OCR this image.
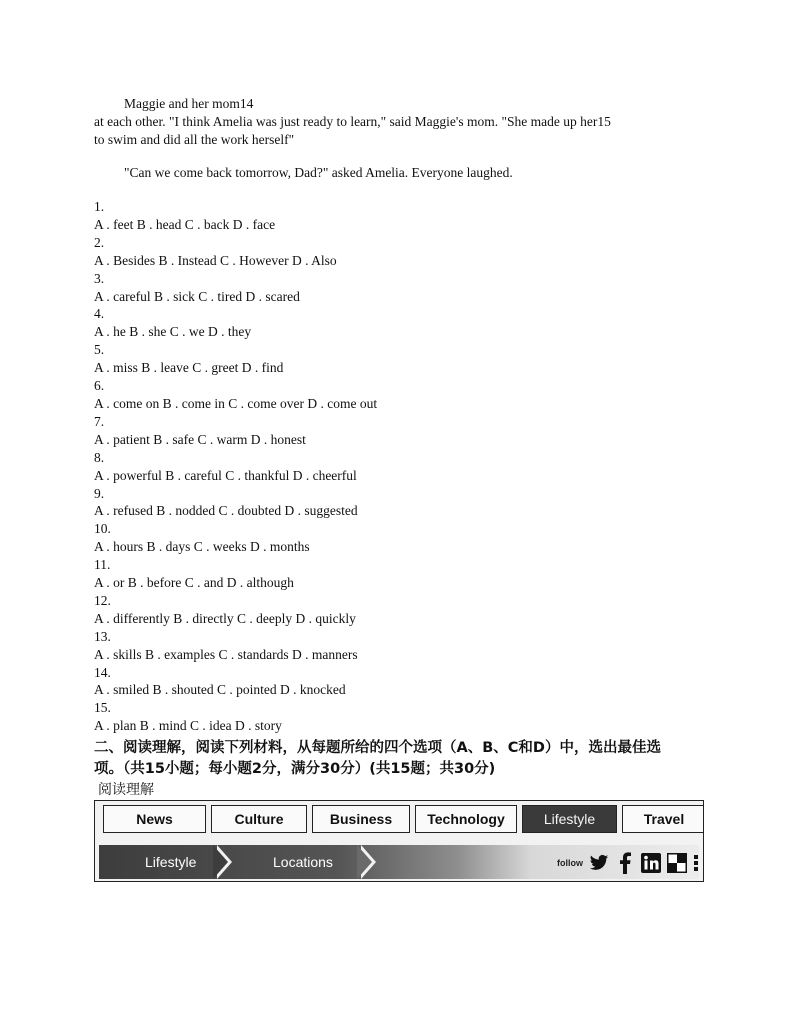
Maggie and her mom14
at each other. "I think Amelia was just ready to learn," said Maggie's mom. "She made up her15
to swim and did all the work herself"
"Can we come back tomorrow, Dad?" asked Amelia. Everyone laughed.
1.
A . feet B . head C . back D . face
2.
A . Besides B . Instead C . However D . Also
3.
A . careful B . sick C . tired D . scared
4.
A . he B . she C . we D . they
5.
A . miss B . leave C . greet D . find
6.
A . come on B . come in C . come over D . come out
7.
A . patient B . safe C . warm D . honest
8.
A . powerful B . careful C . thankful D . cheerful
9.
A . refused B . nodded C . doubted D . suggested
10.
A . hours B . days C . weeks D . months
11.
A . or B . before C . and D . although
12.
A . differently B . directly C . deeply D . quickly
13.
A . skills B . examples C . standards D . manners
14.
A . smiled B . shouted C . pointed D . knocked
15.
A . plan B . mind C . idea D . story
二、阅读理解，阅读下列材料，从每题所给的四个选项（A、B、C和D）中，选出最佳选
项。（共15小题；每小题2分，满分30分）(共15题；共30分)
阅读理解
News	Culture	Business	Technology	Lifestyle	Travel
Lifestyle	Locations	follow
